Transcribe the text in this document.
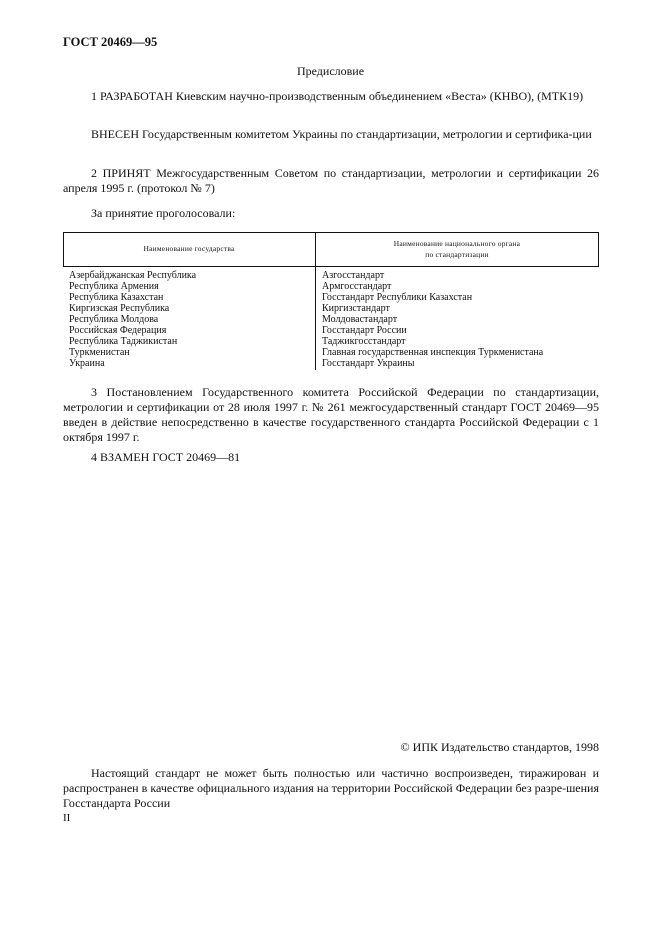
ГОСТ 20469—95
Предисловие
1 РАЗРАБОТАН Киевским научно-производственным объединением «Веста» (КНВО), (МТК19)
ВНЕСЕН Государственным комитетом Украины по стандартизации, метрологии и сертифика-ции
2 ПРИНЯТ Межгосударственным Советом по стандартизации, метрологии и сертификации 26 апреля 1995 г. (протокол № 7)
За принятие проголосовали:
Наименование государства
Наименование национального органа
по стандартизации
Азербайджанская Республика
Республика Армения
Республика Казахстан
Киргизская Республика
Республика Молдова
Российская Федерация
Республика Таджикистан
Туркменистан
Украина
Азгосстандарт
Армгосстандарт
Госстандарт Республики Казахстан
Киргизстандарт
Молдовастандарт
Госстандарт России
Таджикгосстандарт
Главная государственная инспекция Туркменистана
Госстандарт Украины
3 Постановлением Государственного комитета Российской Федерации по стандартизации, метрологии и сертификации от 28 июля 1997 г. № 261 межгосударственный стандарт ГОСТ 20469—95 введен в действие непосредственно в качестве государственного стандарта Российской Федерации с 1 октября 1997 г.
4 ВЗАМЕН ГОСТ 20469—81
© ИПК Издательство стандартов, 1998
Настоящий стандарт не может быть полностью или частично воспроизведен, тиражирован и распространен в качестве официального издания на территории Российской Федерации без разре-шения Госстандарта России
II
